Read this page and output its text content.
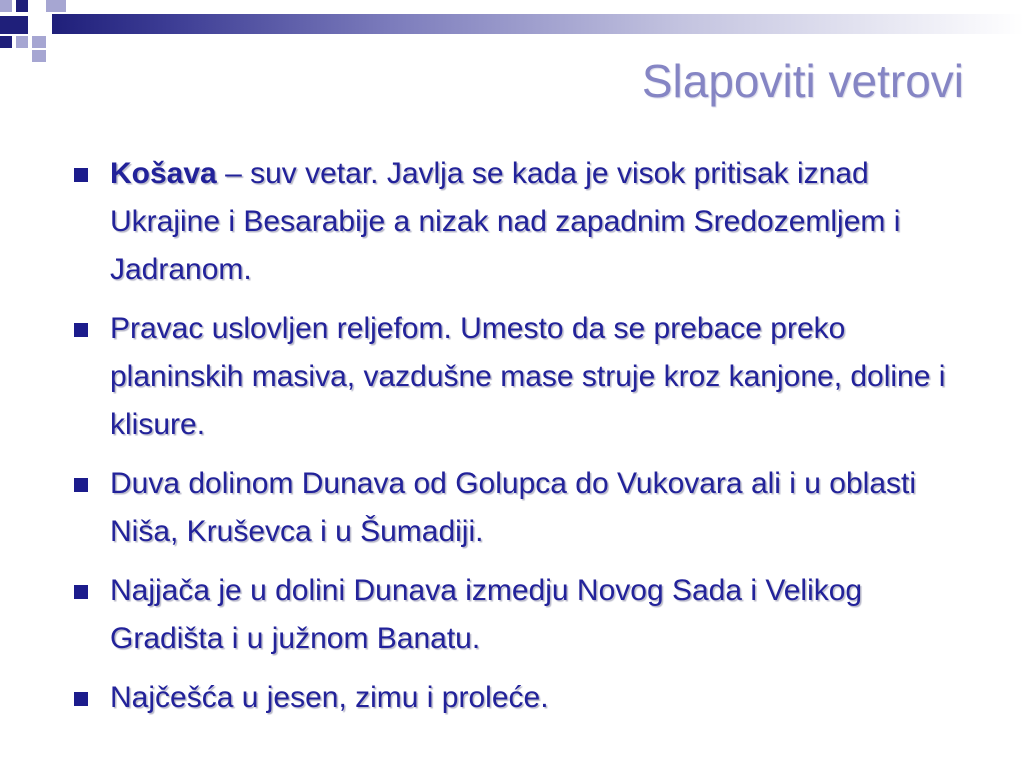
Slapoviti vetrovi
Košava – suv vetar. Javlja se kada je visok pritisak iznad Ukrajine i Besarabije a nizak nad zapadnim Sredozemljem i Jadranom.
Pravac uslovljen reljefom. Umesto da se prebace preko planinskih masiva, vazdušne mase struje kroz kanjone, doline i klisure.
Duva dolinom Dunava od Golupca do Vukovara ali i u oblasti Niša, Kruševca i u Šumadiji.
Najjača je u dolini Dunava izmedju Novog Sada i Velikog Gradišta i u južnom Banatu.
Najčešća u jesen, zimu i proleće.
